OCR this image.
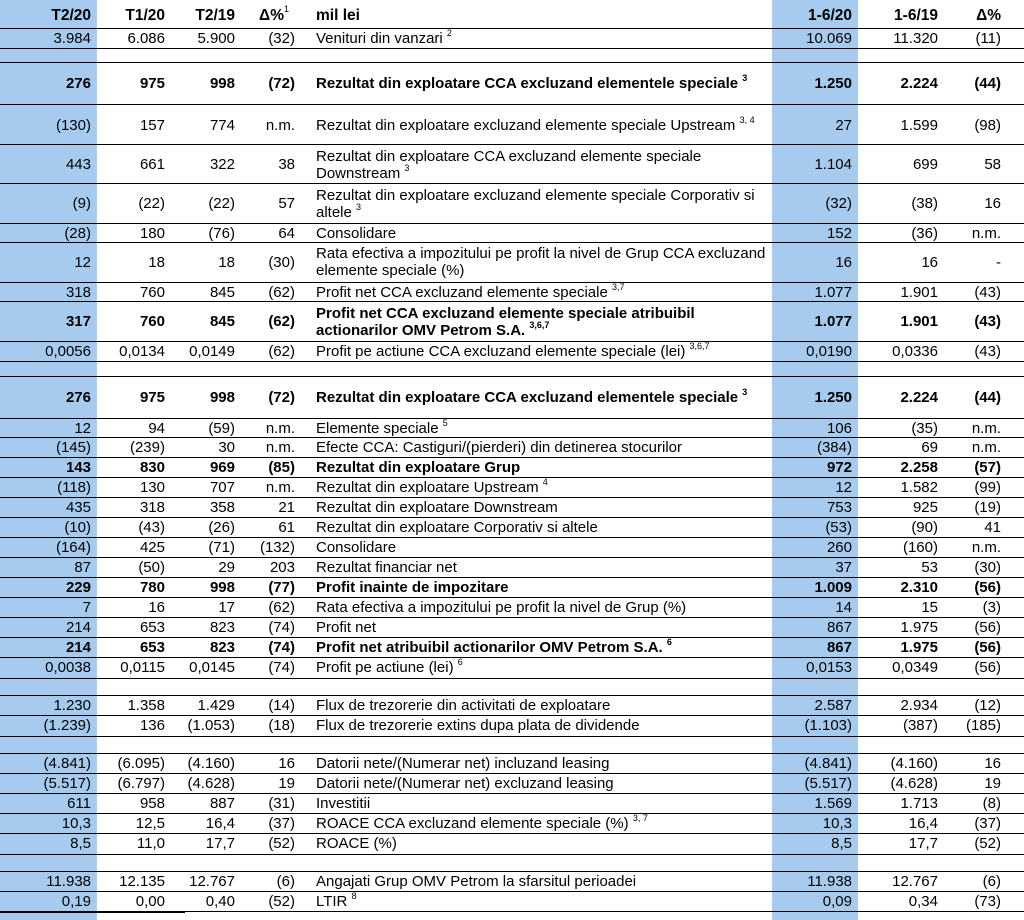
T2/20	T1/20	T2/19	Δ%$^1$	mil lei	1-6/20	1-6/19	Δ%
3.984	6.086	5.900	(32)	Venituri din vanzari $^2$	10.069	11.320	(11)
276	975	998	(72)	Rezultat din exploatare CCA excluzand elementele speciale $^3$	1.250	2.224	(44)
(130)	157	774	n.m.	Rezultat din exploatare excluzand elemente speciale Upstream $^{3, 4}$	27	1.599	(98)
443	661	322	38	Rezultat din exploatare CCA excluzand elemente speciale Downstream $^3$	1.104	699	58
(9)	(22)	(22)	57	Rezultat din exploatare excluzand elemente speciale Corporativ si altele $^3$	(32)	(38)	16
(28)	180	(76)	64	Consolidare	152	(36)	n.m.
12	18	18	(30)	Rata efectiva a impozitului pe profit la nivel de Grup CCA excluzand elemente speciale (%)	16	16	-
318	760	845	(62)	Profit net CCA excluzand elemente speciale $^{3,7}$	1.077	1.901	(43)
317	760	845	(62)	Profit net CCA excluzand elemente speciale atribuibil actionarilor OMV Petrom S.A. $^{3,6,7}$	1.077	1.901	(43)
0,0056	0,0134	0,0149	(62)	Profit pe actiune CCA excluzand elemente speciale (lei) $^{3,6,7}$	0,0190	0,0336	(43)
276	975	998	(72)	Rezultat din exploatare CCA excluzand elementele speciale $^3$	1.250	2.224	(44)
12	94	(59)	n.m.	Elemente speciale $^5$	106	(35)	n.m.
(145)	(239)	30	n.m.	Efecte CCA: Castiguri/(pierderi) din detinerea stocurilor	(384)	69	n.m.
143	830	969	(85)	Rezultat din exploatare Grup	972	2.258	(57)
(118)	130	707	n.m.	Rezultat din exploatare Upstream $^4$	12	1.582	(99)
435	318	358	21	Rezultat din exploatare Downstream	753	925	(19)
(10)	(43)	(26)	61	Rezultat din exploatare Corporativ si altele	(53)	(90)	41
(164)	425	(71)	(132)	Consolidare	260	(160)	n.m.
87	(50)	29	203	Rezultat financiar net	37	53	(30)
229	780	998	(77)	Profit inainte de impozitare	1.009	2.310	(56)
7	16	17	(62)	Rata efectiva a impozitului pe profit la nivel de Grup (%)	14	15	(3)
214	653	823	(74)	Profit net	867	1.975	(56)
214	653	823	(74)	Profit net atribuibil actionarilor OMV Petrom S.A. $^6$	867	1.975	(56)
0,0038	0,0115	0,0145	(74)	Profit pe actiune (lei) $^6$	0,0153	0,0349	(56)
1.230	1.358	1.429	(14)	Flux de trezorerie din activitati de exploatare	2.587	2.934	(12)
(1.239)	136	(1.053)	(18)	Flux de trezorerie extins dupa plata de dividende	(1.103)	(387)	(185)
(4.841)	(6.095)	(4.160)	16	Datorii nete/(Numerar net) incluzand leasing	(4.841)	(4.160)	16
(5.517)	(6.797)	(4.628)	19	Datorii nete/(Numerar net) excluzand leasing	(5.517)	(4.628)	19
611	958	887	(31)	Investitii	1.569	1.713	(8)
10,3	12,5	16,4	(37)	ROACE CCA excluzand elemente speciale (%) $^{3, 7}$	10,3	16,4	(37)
8,5	11,0	17,7	(52)	ROACE (%)	8,5	17,7	(52)
11.938	12.135	12.767	(6)	Angajati Grup OMV Petrom la sfarsitul perioadei	11.938	12.767	(6)
0,19	0,00	0,40	(52)	LTIR $^8$	0,09	0,34	(73)
